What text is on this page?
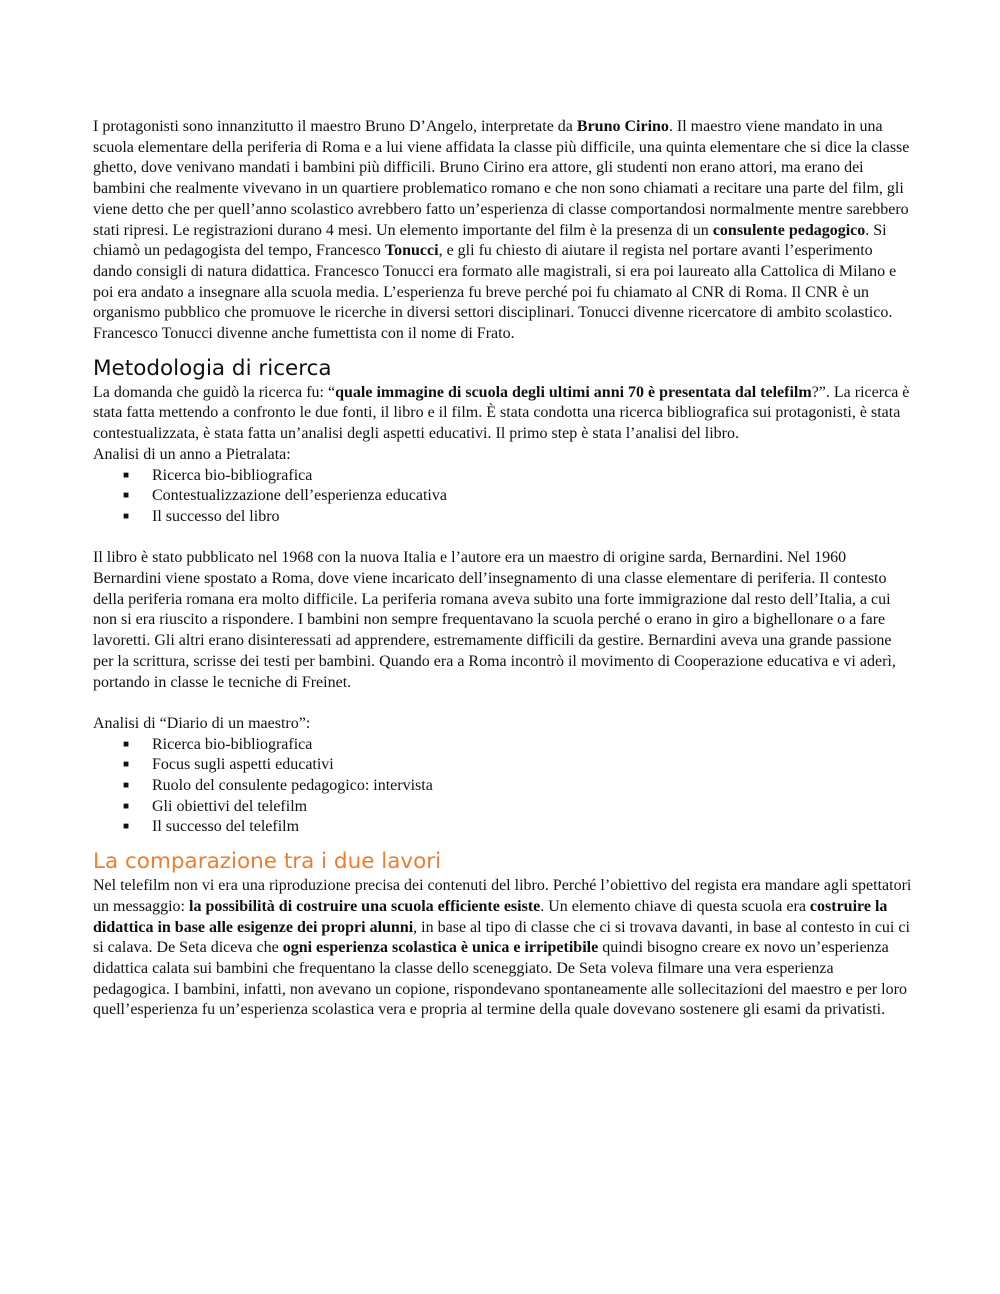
I protagonisti sono innanzitutto il maestro Bruno D’Angelo, interpretate da Bruno Cirino. Il maestro viene mandato in una scuola elementare della periferia di Roma e a lui viene affidata la classe più difficile, una quinta elementare che si dice la classe ghetto, dove venivano mandati i bambini più difficili. Bruno Cirino era attore, gli studenti non erano attori, ma erano dei bambini che realmente vivevano in un quartiere problematico romano e che non sono chiamati a recitare una parte del film, gli viene detto che per quell’anno scolastico avrebbero fatto un’esperienza di classe comportandosi normalmente mentre sarebbero stati ripresi. Le registrazioni durano 4 mesi. Un elemento importante del film è la presenza di un consulente pedagogico. Si chiamò un pedagogista del tempo, Francesco Tonucci, e gli fu chiesto di aiutare il regista nel portare avanti l’esperimento dando consigli di natura didattica. Francesco Tonucci era formato alle magistrali, si era poi laureato alla Cattolica di Milano e poi era andato a insegnare alla scuola media. L’esperienza fu breve perché poi fu chiamato al CNR di Roma. Il CNR è un organismo pubblico che promuove le ricerche in diversi settori disciplinari. Tonucci divenne ricercatore di ambito scolastico. Francesco Tonucci divenne anche fumettista con il nome di Frato.

Metodologia di ricerca

La domanda che guidò la ricerca fu: “quale immagine di scuola degli ultimi anni 70 è presentata dal telefilm?”. La ricerca è stata fatta mettendo a confronto le due fonti, il libro e il film. È stata condotta una ricerca bibliografica sui protagonisti, è stata contestualizzata, è stata fatta un’analisi degli aspetti educativi. Il primo step è stata l’analisi del libro.

Analisi di un anno a Pietralata:

■ Ricerca bio-bibliografica
■ Contestualizzazione dell’esperienza educativa
■ Il successo del libro

Il libro è stato pubblicato nel 1968 con la nuova Italia e l’autore era un maestro di origine sarda, Bernardini. Nel 1960 Bernardini viene spostato a Roma, dove viene incaricato dell’insegnamento di una classe elementare di periferia. Il contesto della periferia romana era molto difficile. La periferia romana aveva subito una forte immigrazione dal resto dell’Italia, a cui non si era riuscito a rispondere. I bambini non sempre frequentavano la scuola perché o erano in giro a bighellonare o a fare lavoretti. Gli altri erano disinteressati ad apprendere, estremamente difficili da gestire. Bernardini aveva una grande passione per la scrittura, scrisse dei testi per bambini. Quando era a Roma incontrò il movimento di Cooperazione educativa e vi aderì, portando in classe le tecniche di Freinet.

Analisi di “Diario di un maestro”:

■ Ricerca bio-bibliografica
■ Focus sugli aspetti educativi
■ Ruolo del consulente pedagogico: intervista
■ Gli obiettivi del telefilm
■ Il successo del telefilm
La comparazione tra i due lavori

Nel telefilm non vi era una riproduzione precisa dei contenuti del libro. Perché l’obiettivo del regista era mandare agli spettatori un messaggio: la possibilità di costruire una scuola efficiente esiste. Un elemento chiave di questa scuola era costruire la didattica in base alle esigenze dei propri alunni, in base al tipo di classe che ci si trovava davanti, in base al contesto in cui ci si calava. De Seta diceva che ogni esperienza scolastica è unica e irripetibile quindi bisogno creare ex novo un’esperienza didattica calata sui bambini che frequentano la classe dello sceneggiato. De Seta voleva filmare una vera esperienza pedagogica. I bambini, infatti, non avevano un copione, rispondevano spontaneamente alle sollecitazioni del maestro e per loro quell’esperienza fu un’esperienza scolastica vera e propria al termine della quale dovevano sostenere gli esami da privatisti.
